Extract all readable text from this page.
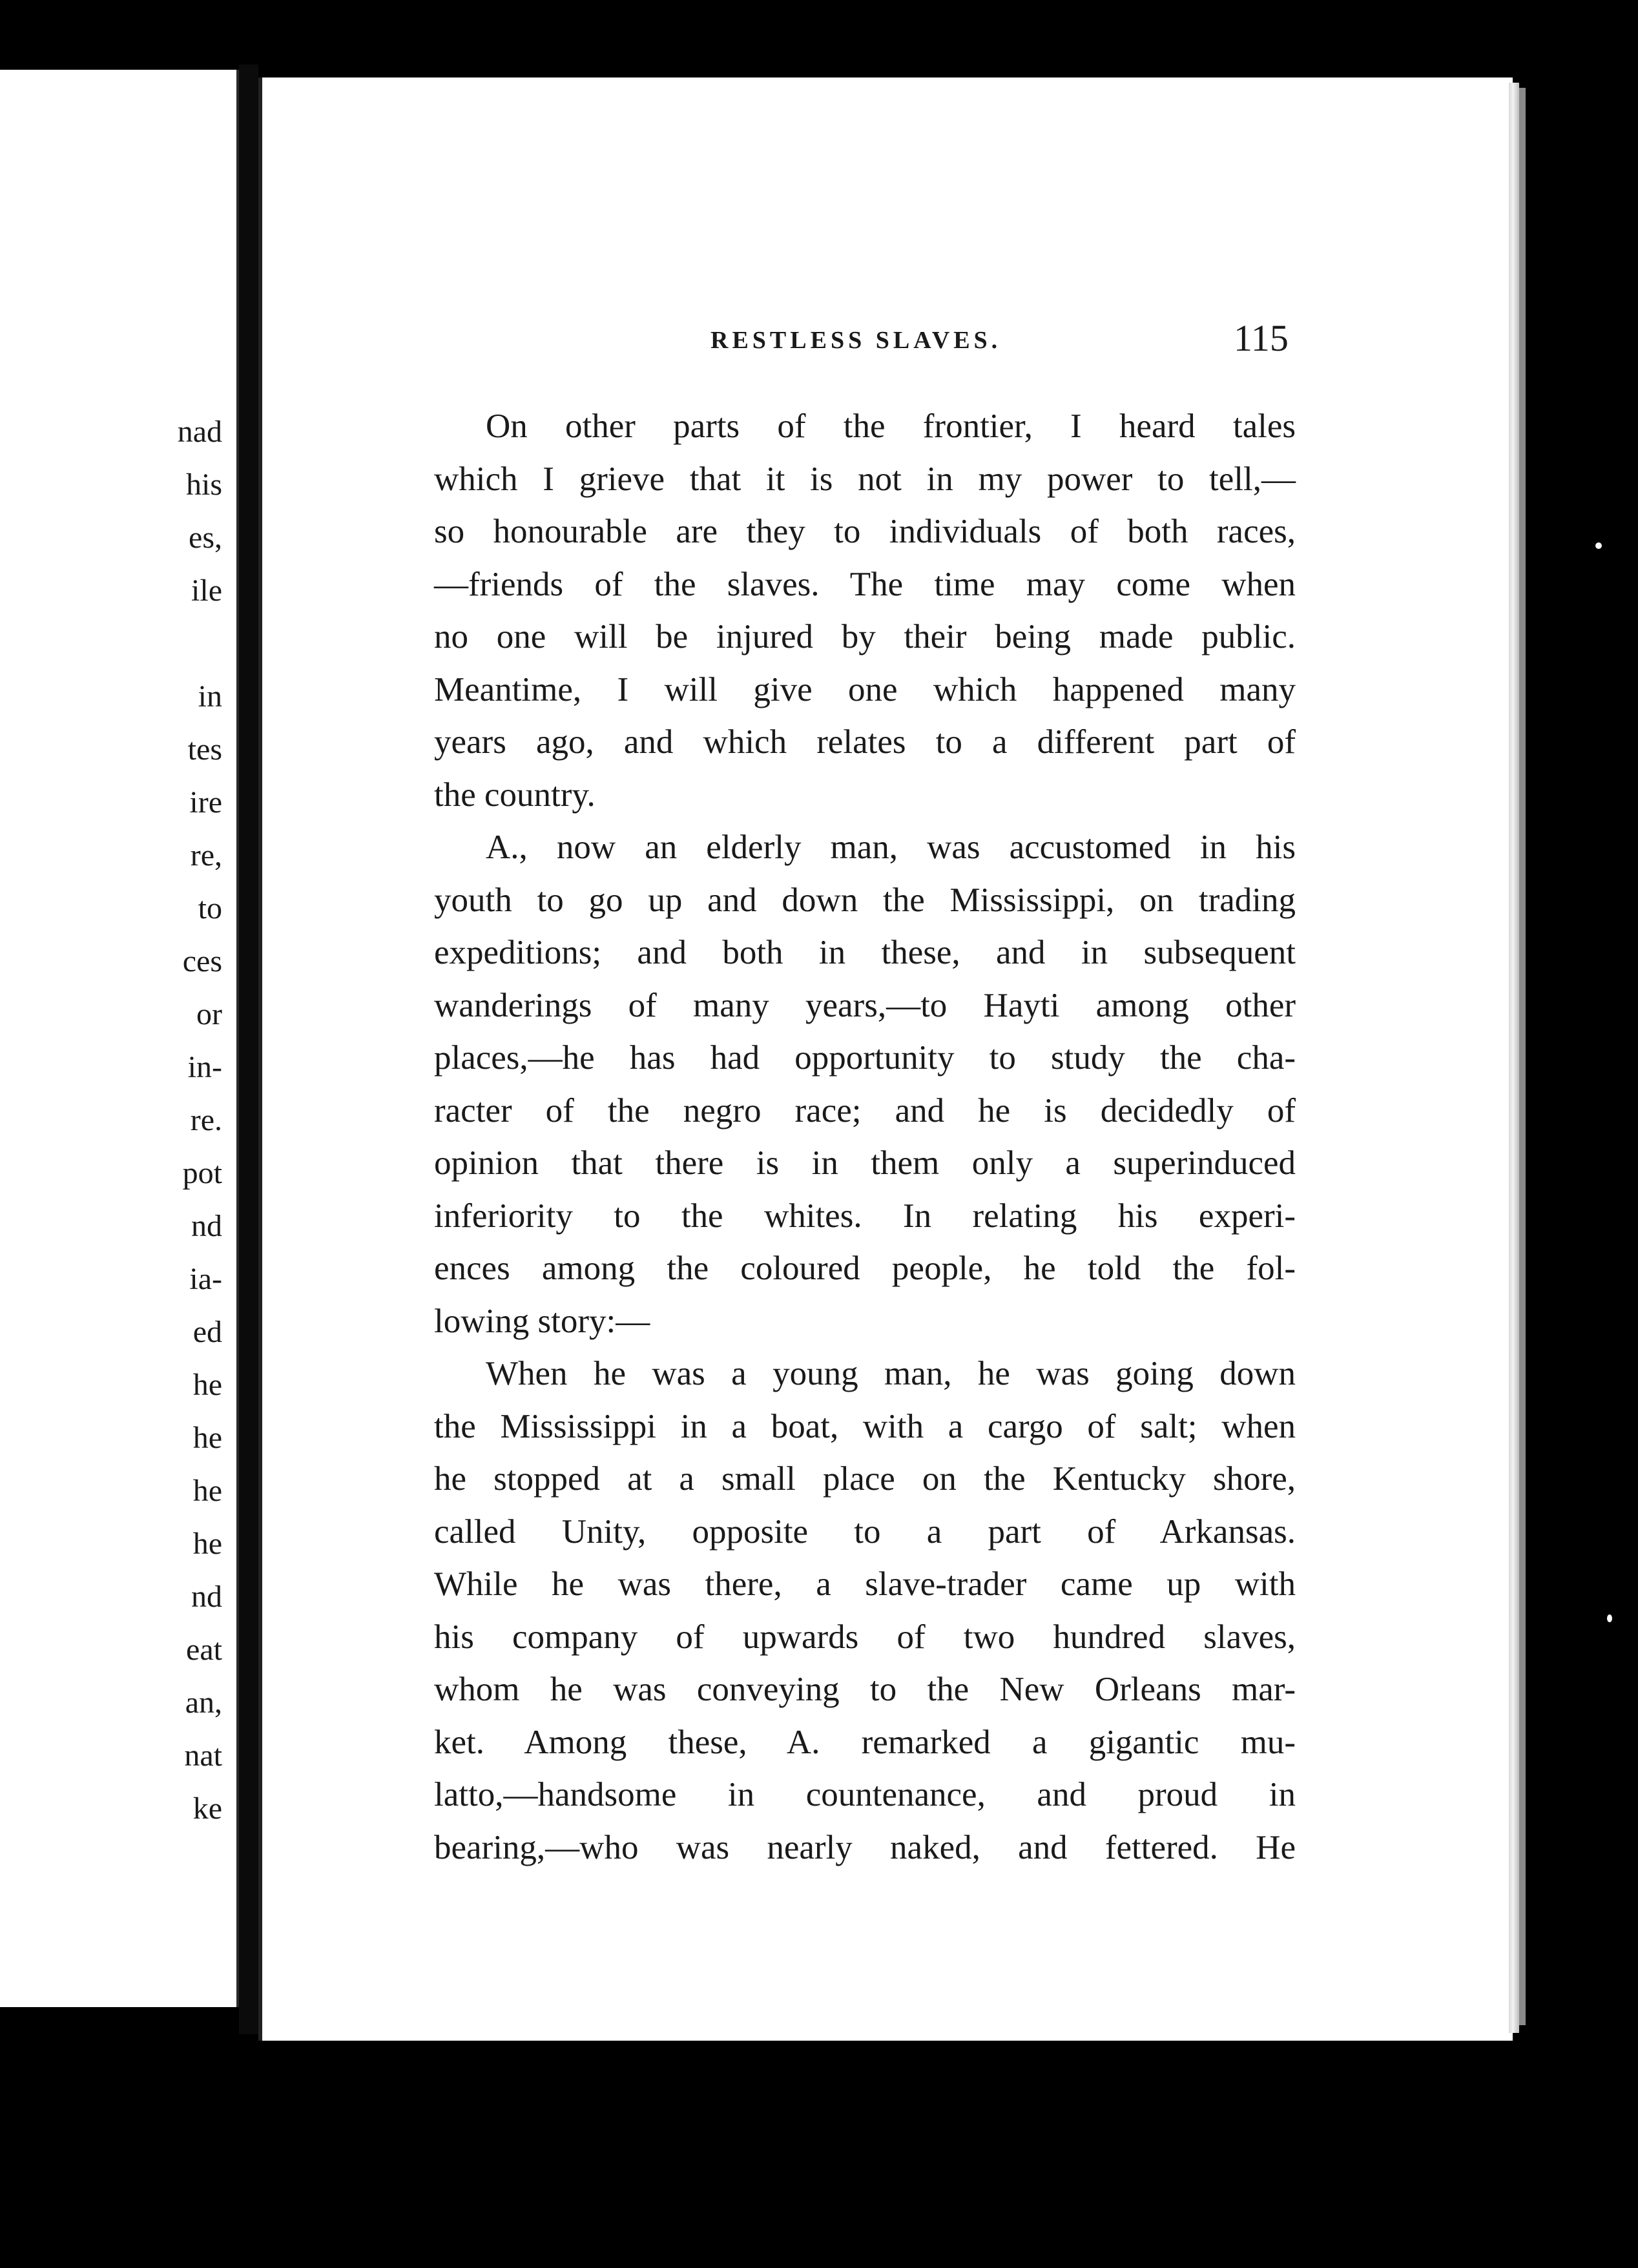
nad
his
es,
ile
in
tes
ire
re,
to
ces
or
in-
re.
pot
nd
ia-
ed
he
he
he
he
nd
eat
an,
nat
ke
RESTLESS SLAVES.	115
On other parts of the frontier, I heard tales
which I grieve that it is not in my power to tell,—
so honourable are they to individuals of both races,
—friends of the slaves. The time may come when
no one will be injured by their being made public.
Meantime, I will give one which happened many
years ago, and which relates to a different part of
the country.
A., now an elderly man, was accustomed in his
youth to go up and down the Mississippi, on trading
expeditions; and both in these, and in subsequent
wanderings of many years,—to Hayti among other
places,—he has had opportunity to study the cha-
racter of the negro race; and he is decidedly of
opinion that there is in them only a superinduced
inferiority to the whites. In relating his experi-
ences among the coloured people, he told the fol-
lowing story:—
When he was a young man, he was going down
the Mississippi in a boat, with a cargo of salt; when
he stopped at a small place on the Kentucky shore,
called Unity, opposite to a part of Arkansas.
While he was there, a slave-trader came up with
his company of upwards of two hundred slaves,
whom he was conveying to the New Orleans mar-
ket. Among these, A. remarked a gigantic mu-
latto,—handsome in countenance, and proud in
bearing,—who was nearly naked, and fettered. He
